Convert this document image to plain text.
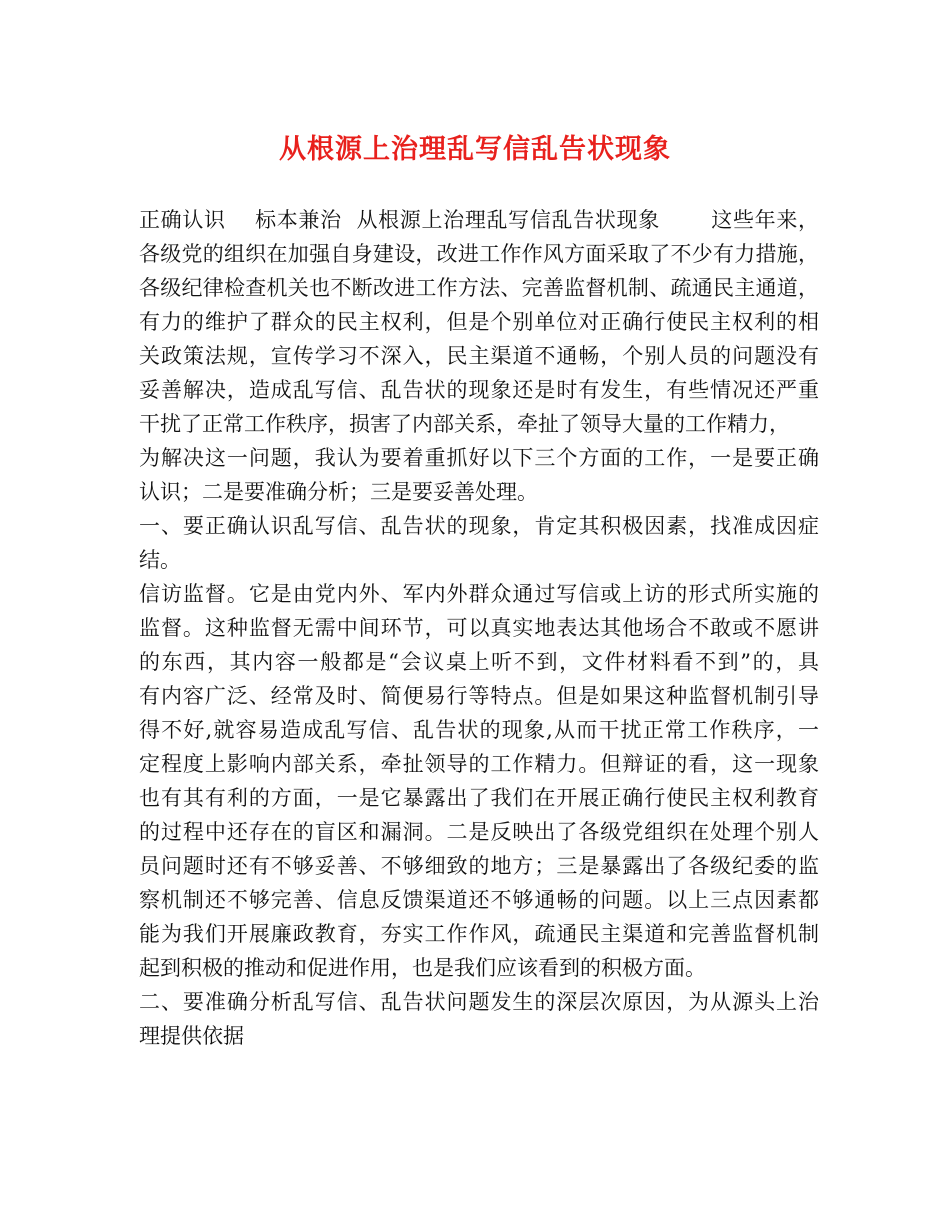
从根源上治理乱写信乱告状现象
正确认识    标本兼治  从根源上治理乱写信乱告状现象       这些年来，
各级党的组织在加强自身建设，改进工作作风方面采取了不少有力措施，
各级纪律检查机关也不断改进工作方法、完善监督机制、疏通民主通道，
有力的维护了群众的民主权利，但是个别单位对正确行使民主权利的相
关政策法规，宣传学习不深入，民主渠道不通畅，个别人员的问题没有
妥善解决，造成乱写信、乱告状的现象还是时有发生，有些情况还严重
干扰了正常工作秩序，损害了内部关系，牵扯了领导大量的工作精力，
为解决这一问题，我认为要着重抓好以下三个方面的工作，一是要正确
认识；二是要准确分析；三是要妥善处理。
一、要正确认识乱写信、乱告状的现象，肯定其积极因素，找准成因症
结。
信访监督。它是由党内外、军内外群众通过写信或上访的形式所实施的
监督。这种监督无需中间环节，可以真实地表达其他场合不敢或不愿讲
的东西，其内容一般都是“会议桌上听不到，文件材料看不到”的，具
有内容广泛、经常及时、简便易行等特点。但是如果这种监督机制引导
得不好,就容易造成乱写信、乱告状的现象,从而干扰正常工作秩序，一
定程度上影响内部关系，牵扯领导的工作精力。但辩证的看，这一现象
也有其有利的方面，一是它暴露出了我们在开展正确行使民主权利教育
的过程中还存在的盲区和漏洞。二是反映出了各级党组织在处理个别人
员问题时还有不够妥善、不够细致的地方；三是暴露出了各级纪委的监
察机制还不够完善、信息反馈渠道还不够通畅的问题。以上三点因素都
能为我们开展廉政教育，夯实工作作风，疏通民主渠道和完善监督机制
起到积极的推动和促进作用，也是我们应该看到的积极方面。
二、要准确分析乱写信、乱告状问题发生的深层次原因，为从源头上治
理提供依据
